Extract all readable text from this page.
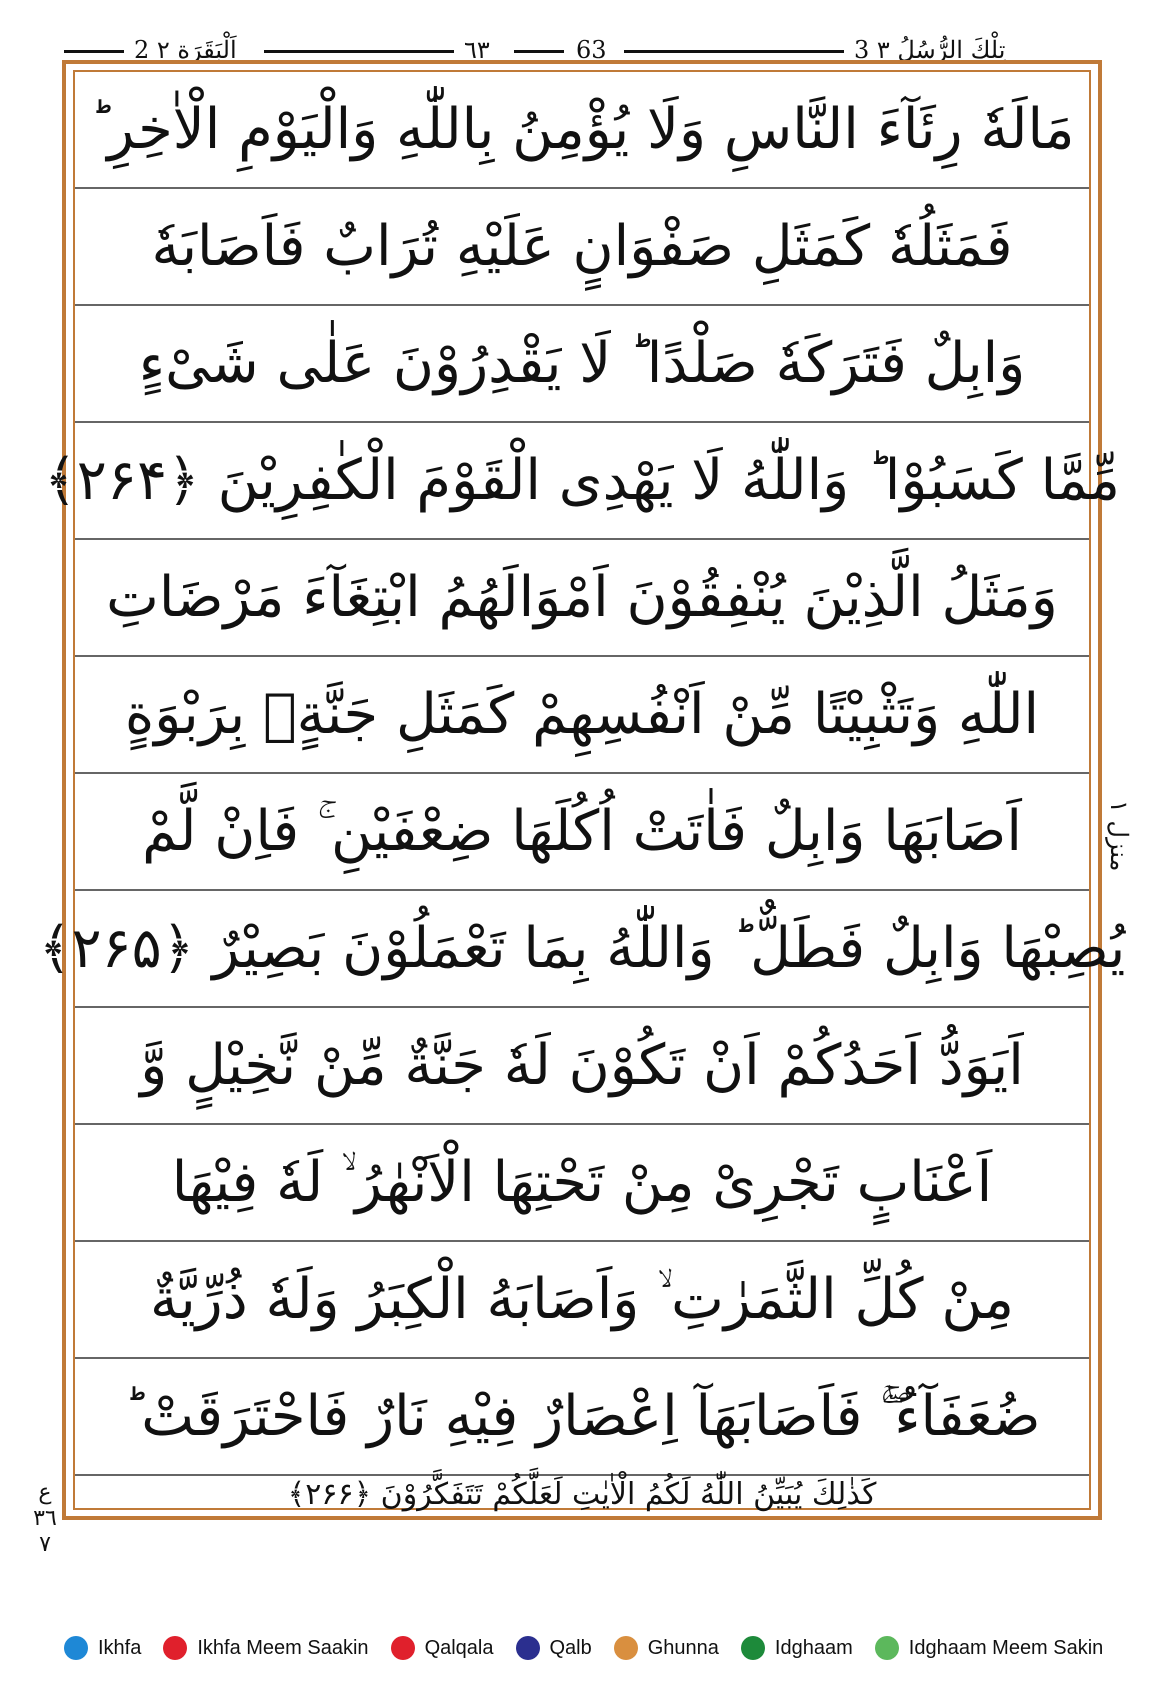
2 اَلْبَقَرَة ٢	٦٣	63	3 تِلْكَ الرُّسُلُ ٣
مَالَهٗ رِئَآءَ النَّاسِ وَلَا يُؤْمِنُ بِاللّٰهِ وَالْيَوْمِ الْاٰخِرِ ؕ
فَمَثَلُهٗ كَمَثَلِ صَفْوَانٍ عَلَيْهِ تُرَابٌ فَاَصَابَهٗ
وَابِلٌ فَتَرَكَهٗ صَلْدًا ؕ لَا يَقْدِرُوْنَ عَلٰى شَیْءٍ
مِّمَّا كَسَبُوْا ؕ وَاللّٰهُ لَا يَهْدِى الْقَوْمَ الْكٰفِرِيْنَ ﴿۲۶۴﴾
وَمَثَلُ الَّذِيْنَ يُنْفِقُوْنَ اَمْوَالَهُمُ ابْتِغَآءَ مَرْضَاتِ
اللّٰهِ وَتَثْبِيْتًا مِّنْ اَنْفُسِهِمْ كَمَثَلِ جَنَّةٍۢ بِرَبْوَةٍ
اَصَابَهَا وَابِلٌ فَاٰتَتْ اُكُلَهَا ضِعْفَيْنِ ۚ فَاِنْ لَّمْ
يُصِبْهَا وَابِلٌ فَطَلٌّ ؕ وَاللّٰهُ بِمَا تَعْمَلُوْنَ بَصِيْرٌ ﴿۲۶۵﴾
اَيَوَدُّ اَحَدُكُمْ اَنْ تَكُوْنَ لَهٗ جَنَّةٌ مِّنْ نَّخِيْلٍ وَّ
اَعْنَابٍ تَجْرِىْ مِنْ تَحْتِهَا الْاَنْهٰرُ ۙ لَهٗ فِيْهَا
مِنْ كُلِّ الثَّمَرٰتِ ۙ وَاَصَابَهُ الْكِبَرُ وَلَهٗ ذُرِّيَّةٌ
ضُعَفَآءُ ۖۚ فَاَصَابَهَآ اِعْصَارٌ فِيْهِ نَارٌ فَاحْتَرَقَتْ ؕ
كَذٰلِكَ يُبَيِّنُ اللّٰهُ لَكُمُ الْاٰيٰتِ لَعَلَّكُمْ تَتَفَكَّرُوْنَ ﴿۲۶۶﴾
ع ٣٦ ٧
منزل ١
Ikhfa	Ikhfa Meem Saakin	Qalqala	Qalb	Ghunna	Idghaam	Idghaam Meem Sakin
